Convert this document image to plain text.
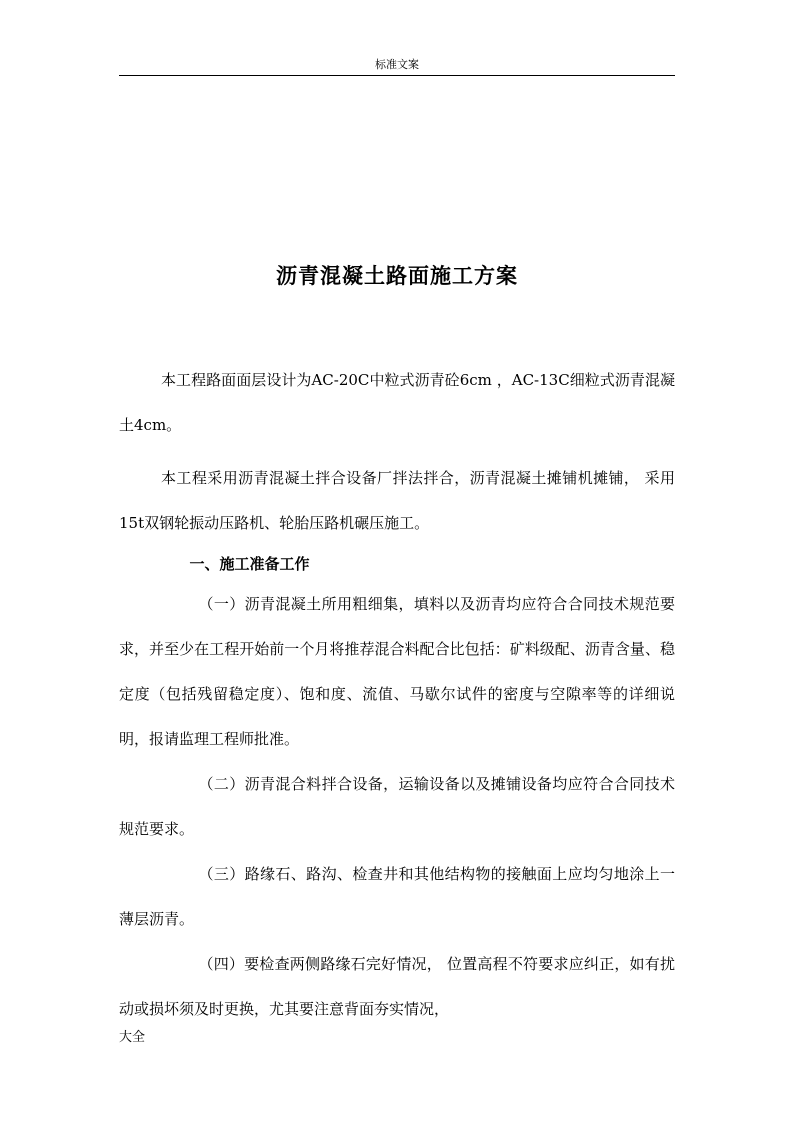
标准文案
沥青混凝土路面施工方案

本工程路面面层设计为AC-20C中粒式沥青砼6cm ，AC-13C细粒式沥青混凝土4cm。

本工程采用沥青混凝土拌合设备厂拌法拌合，沥青混凝土摊铺机摊铺， 采用15t双钢轮振动压路机、轮胎压路机碾压施工。

一、施工准备工作

（一）沥青混凝土所用粗细集，填料以及沥青均应符合合同技术规范要求，并至少在工程开始前一个月将推荐混合料配合比包括：矿料级配、沥青含量、稳定度（包括残留稳定度）、饱和度、流值、马歇尔试件的密度与空隙率等的详细说明，报请监理工程师批准。

（二）沥青混合料拌合设备，运输设备以及摊铺设备均应符合合同技术规范要求。

（三）路缘石、路沟、检查井和其他结构物的接触面上应均匀地涂上一薄层沥青。

（四）要检查两侧路缘石完好情况， 位置高程不符要求应纠正，如有扰动或损坏须及时更换，尤其要注意背面夯实情况，

大全
